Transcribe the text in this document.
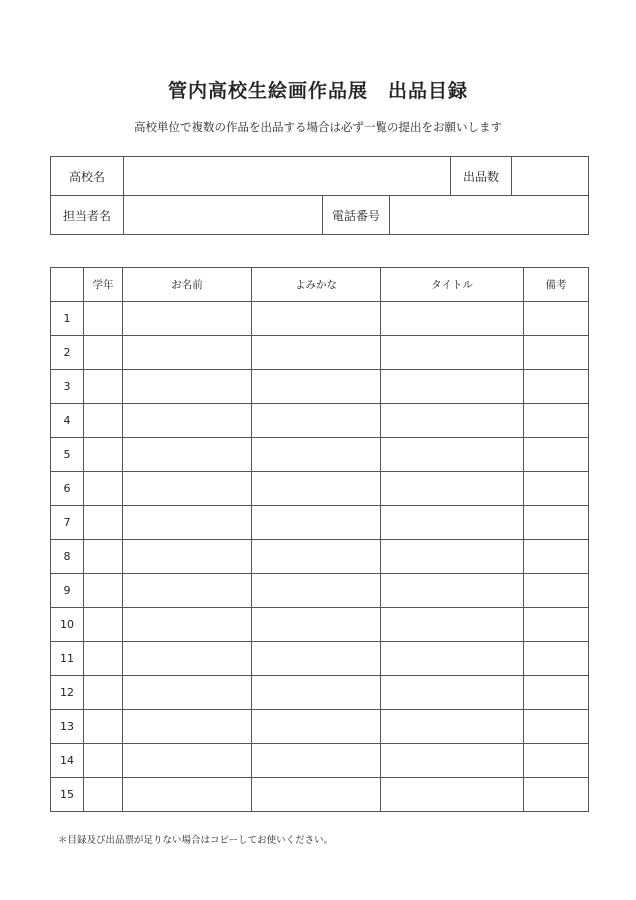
管内高校生絵画作品展　出品目録

高校単位で複数の作品を出品する場合は必ず一覧の提出をお願いします

高校名				出品数

担当者名		電話番号		
	学年	お名前	よみかな	タイトル	備考
1					
2					
3					
4					
5					
6					
7					
8					
9					
10					
11					
12					
13					
14					
15					

＊目録及び出品票が足りない場合はコピーしてお使いください。
